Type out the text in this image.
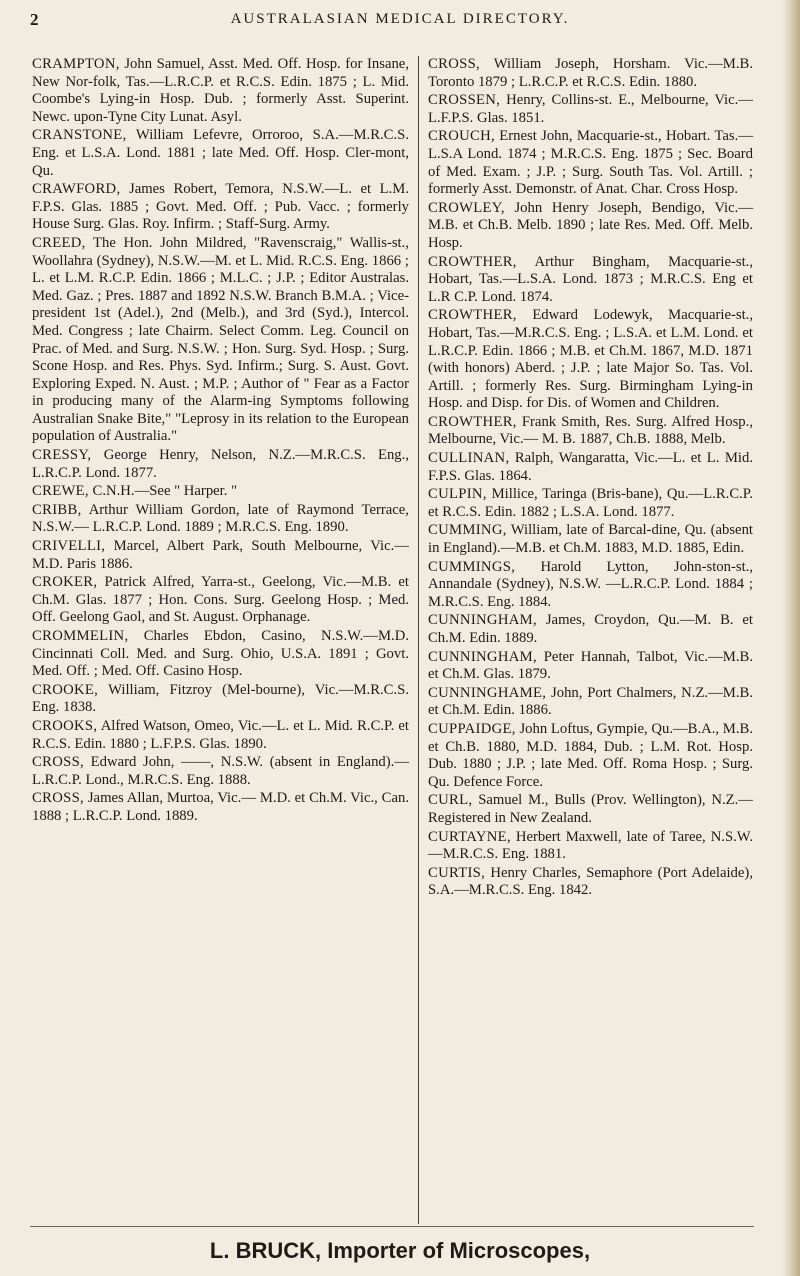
2	AUSTRALASIAN MEDICAL DIRECTORY.

CRAMPTON, John Samuel, Asst. Med. Off. Hosp. for Insane, New Nor-folk, Tas.—L.R.C.P. et R.C.S. Edin. 1875 ; L. Mid. Coombe's Lying-in Hosp. Dub. ; formerly Asst. Superint. Newc. upon-Tyne City Lunat. Asyl.

CRANSTONE, William Lefevre, Orroroo, S.A.—M.R.C.S. Eng. et L.S.A. Lond. 1881 ; late Med. Off. Hosp. Cler-mont, Qu.

CRAWFORD, James Robert, Temora, N.S.W.—L. et L.M. F.P.S. Glas. 1885 ; Govt. Med. Off. ; Pub. Vacc. ; formerly House Surg. Glas. Roy. Infirm. ; Staff-Surg. Army.

CREED, The Hon. John Mildred, "Ravenscraig," Wallis-st., Woollahra (Sydney), N.S.W.—M. et L. Mid. R.C.S. Eng. 1866 ; L. et L.M. R.C.P. Edin. 1866 ; M.L.C. ; J.P. ; Editor Australas. Med. Gaz. ; Pres. 1887 and 1892 N.S.W. Branch B.M.A. ; Vice-president 1st (Adel.), 2nd (Melb.), and 3rd (Syd.), Intercol. Med. Congress ; late Chairm. Select Comm. Leg. Council on Prac. of Med. and Surg. N.S.W. ; Hon. Surg. Syd. Hosp. ; Surg. Scone Hosp. and Res. Phys. Syd. Infirm.; Surg. S. Aust. Govt. Exploring Exped. N. Aust. ; M.P. ; Author of " Fear as a Factor in producing many of the Alarm-ing Symptoms following Australian Snake Bite," "Leprosy in its relation to the European population of Australia."

CRESSY, George Henry, Nelson, N.Z.—M.R.C.S. Eng., L.R.C.P. Lond. 1877.

CREWE, C.N.H.—See " Harper. "

CRIBB, Arthur William Gordon, late of Raymond Terrace, N.S.W.— L.R.C.P. Lond. 1889 ; M.R.C.S. Eng. 1890.

CRIVELLI, Marcel, Albert Park, South Melbourne, Vic.—M.D. Paris 1886.

CROKER, Patrick Alfred, Yarra-st., Geelong, Vic.—M.B. et Ch.M. Glas. 1877 ; Hon. Cons. Surg. Geelong Hosp. ; Med. Off. Geelong Gaol, and St. August. Orphanage.

CROMMELIN, Charles Ebdon, Casino, N.S.W.—M.D. Cincinnati Coll. Med. and Surg. Ohio, U.S.A. 1891 ; Govt. Med. Off. ; Med. Off. Casino Hosp.

CROOKE, William, Fitzroy (Mel-bourne), Vic.—M.R.C.S. Eng. 1838.

CROOKS, Alfred Watson, Omeo, Vic.—L. et L. Mid. R.C.P. et R.C.S. Edin. 1880 ; L.F.P.S. Glas. 1890.

CROSS, Edward John, ——, N.S.W. (absent in England).—L.R.C.P. Lond., M.R.C.S. Eng. 1888.

CROSS, James Allan, Murtoa, Vic.— M.D. et Ch.M. Vic., Can. 1888 ; L.R.C.P. Lond. 1889.

CROSS, William Joseph, Horsham. Vic.—M.B. Toronto 1879 ; L.R.C.P. et R.C.S. Edin. 1880.

CROSSEN, Henry, Collins-st. E., Melbourne, Vic.—L.F.P.S. Glas. 1851.

CROUCH, Ernest John, Macquarie-st., Hobart. Tas.—L.S.A Lond. 1874 ; M.R.C.S. Eng. 1875 ; Sec. Board of Med. Exam. ; J.P. ; Surg. South Tas. Vol. Artill. ; formerly Asst. Demonstr. of Anat. Char. Cross Hosp.

CROWLEY, John Henry Joseph, Bendigo, Vic.—M.B. et Ch.B. Melb. 1890 ; late Res. Med. Off. Melb. Hosp.

CROWTHER, Arthur Bingham, Macquarie-st., Hobart, Tas.—L.S.A. Lond. 1873 ; M.R.C.S. Eng et L.R C.P. Lond. 1874.

CROWTHER, Edward Lodewyk, Macquarie-st., Hobart, Tas.—M.R.C.S. Eng. ; L.S.A. et L.M. Lond. et L.R.C.P. Edin. 1866 ; M.B. et Ch.M. 1867, M.D. 1871 (with honors) Aberd. ; J.P. ; late Major So. Tas. Vol. Artill. ; formerly Res. Surg. Birmingham Lying-in Hosp. and Disp. for Dis. of Women and Children.

CROWTHER, Frank Smith, Res. Surg. Alfred Hosp., Melbourne, Vic.— M. B. 1887, Ch.B. 1888, Melb.

CULLINAN, Ralph, Wangaratta, Vic.—L. et L. Mid. F.P.S. Glas. 1864.

CULPIN, Millice, Taringa (Bris-bane), Qu.—L.R.C.P. et R.C.S. Edin. 1882 ; L.S.A. Lond. 1877.

CUMMING, William, late of Barcal-dine, Qu. (absent in England).—M.B. et Ch.M. 1883, M.D. 1885, Edin.

CUMMINGS, Harold Lytton, John-ston-st., Annandale (Sydney), N.S.W. —L.R.C.P. Lond. 1884 ; M.R.C.S. Eng. 1884.

CUNNINGHAM, James, Croydon, Qu.—M. B. et Ch.M. Edin. 1889.

CUNNINGHAM, Peter Hannah, Talbot, Vic.—M.B. et Ch.M. Glas. 1879.

CUNNINGHAME, John, Port Chalmers, N.Z.—M.B. et Ch.M. Edin. 1886.

CUPPAIDGE, John Loftus, Gympie, Qu.—B.A., M.B. et Ch.B. 1880, M.D. 1884, Dub. ; L.M. Rot. Hosp. Dub. 1880 ; J.P. ; late Med. Off. Roma Hosp. ; Surg. Qu. Defence Force.

CURL, Samuel M., Bulls (Prov. Wellington), N.Z.—Registered in New Zealand.

CURTAYNE, Herbert Maxwell, late of Taree, N.S.W.—M.R.C.S. Eng. 1881.

CURTIS, Henry Charles, Semaphore (Port Adelaide), S.A.—M.R.C.S. Eng. 1842.

L. BRUCK, Importer of Microscopes,
